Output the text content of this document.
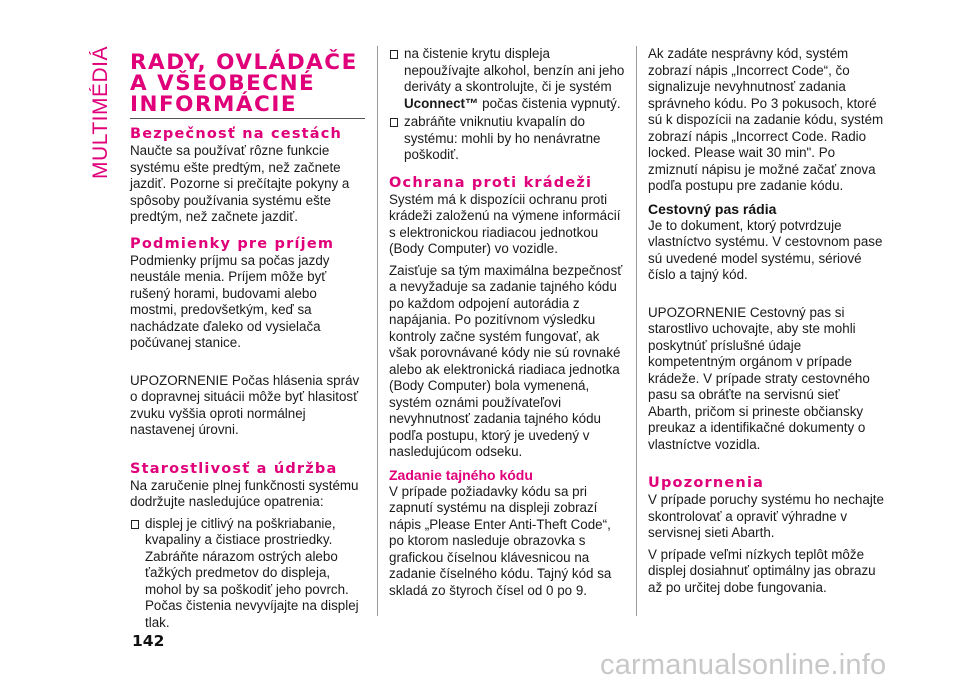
MULTIMÉDIÁ RADY, OVLÁDAČE
A VŠEOBECNÉ
INFORMÁCIE
Bezpečnosť na cestách

Naučte sa používať rôzne funkcie systému ešte predtým, než začnete jazdiť. Pozorne si prečítajte pokyny a spôsoby používania systému ešte predtým, než začnete jazdiť.

Podmienky pre príjem

Podmienky príjmu sa počas jazdy neustále menia. Príjem môže byť rušený horami, budovami alebo mostmi, predovšetkým, keď sa nachádzate ďaleko od vysielača počúvanej stanice.

UPOZORNENIE Počas hlásenia správ o dopravnej situácii môže byť hlasitosť zvuku vyššia oproti normálnej nastavenej úrovni.

Starostlivosť a údržba

Na zaručenie plnej funkčnosti systému dodržujte nasledujúce opatrenia:

displej je citlivý na poškriabanie, kvapaliny a čistiace prostriedky. Zabráňte nárazom ostrých alebo ťažkých predmetov do displeja, mohol by sa poškodiť jeho povrch. Počas čistenia nevyvíjajte na displej tlak.
na čistenie krytu displeja nepoužívajte alkohol, benzín ani jeho deriváty a skontrolujte, či je systém Uconnect™ počas čistenia vypnutý.
zabráňte vniknutiu kvapalín do systému: mohli by ho nenávratne poškodiť.
Ochrana proti krádeži

Systém má k dispozícii ochranu proti krádeži založenú na výmene informácií s elektronickou riadiacou jednotkou (Body Computer) vo vozidle.

Zaisťuje sa tým maximálna bezpečnosť a nevyžaduje sa zadanie tajného kódu po každom odpojení autorádia z napájania. Po pozitívnom výsledku kontroly začne systém fungovať, ak však porovnávané kódy nie sú rovnaké alebo ak elektronická riadiaca jednotka (Body Computer) bola vymenená, systém oznámi používateľovi nevyhnutnosť zadania tajného kódu podľa postupu, ktorý je uvedený v nasledujúcom odseku.

Zadanie tajného kódu

V prípade požiadavky kódu sa pri zapnutí systému na displeji zobrazí nápis „Please Enter Anti-Theft Code“, po ktorom nasleduje obrazovka s grafickou číselnou klávesnicou na zadanie číselného kódu. Tajný kód sa skladá zo štyroch čísel od 0 po 9.

Ak zadáte nesprávny kód, systém zobrazí nápis „Incorrect Code“, čo signalizuje nevyhnutnosť zadania správneho kódu. Po 3 pokusoch, ktoré sú k dispozícii na zadanie kódu, systém zobrazí nápis „Incorrect Code. Radio locked. Please wait 30 min". Po zmiznutí nápisu je možné začať znova podľa postupu pre zadanie kódu.

Cestovný pas rádia

Je to dokument, ktorý potvrdzuje vlastníctvo systému. V cestovnom pase sú uvedené model systému, sériové číslo a tajný kód.

UPOZORNENIE Cestovný pas si starostlivo uchovajte, aby ste mohli poskytnúť príslušné údaje kompetentným orgánom v prípade krádeže. V prípade straty cestovného pasu sa obráťte na servisnú sieť Abarth, pričom si prineste občiansky preukaz a identifikačné dokumenty o vlastníctve vozidla.

Upozornenia

V prípade poruchy systému ho nechajte skontrolovať a opraviť výhradne v servisnej sieti Abarth.

V prípade veľmi nízkych teplôt môže displej dosiahnuť optimálny jas obrazu až po určitej dobe fungovania.

142
carmanualsonline.info
